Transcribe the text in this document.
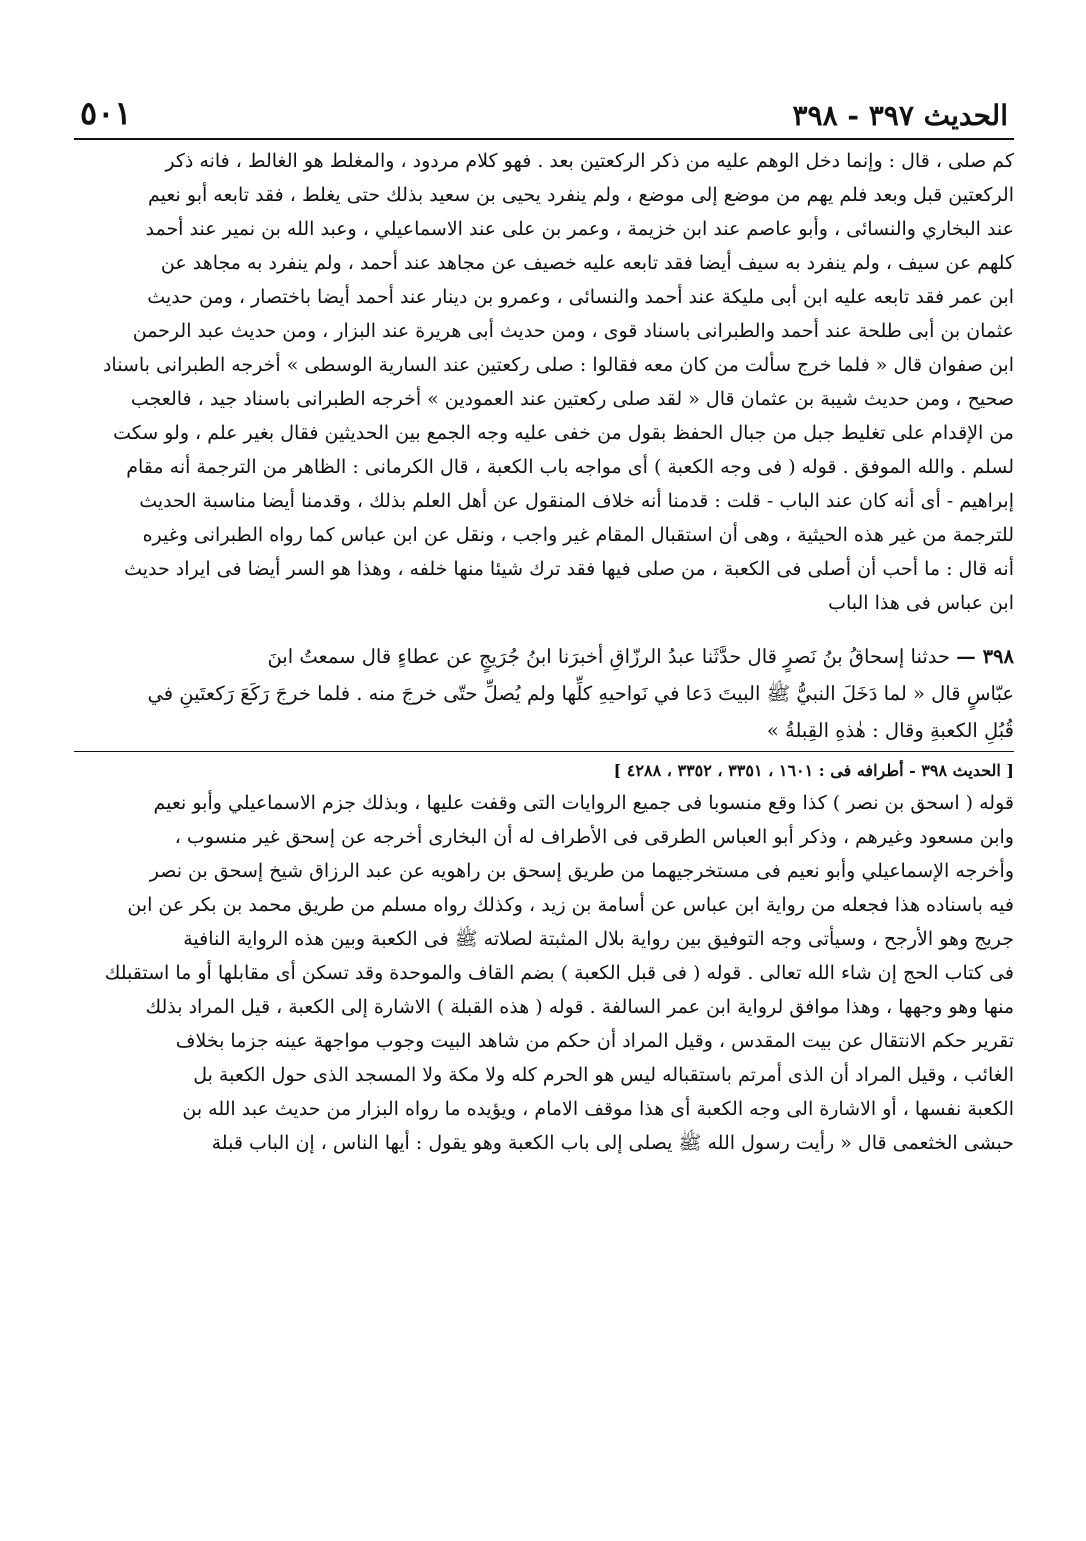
الحديث ٣٩٧ - ٣٩٨
٥٠١

كم صلى ، قال : وإنما دخل الوهم عليه من ذكر الركعتين بعد . فهو كلام مردود ، والمغلط هو الغالط ، فانه ذكر

الركعتين قبل وبعد فلم يهم من موضع إلى موضع ، ولم ينفرد يحيى بن سعيد بذلك حتى يغلط ، فقد تابعه أبو نعيم

عند البخاري والنسائى ، وأبو عاصم عند ابن خزيمة ، وعمر بن على عند الاسماعيلي ، وعبد الله بن نمير عند أحمد

كلهم عن سيف ، ولم ينفرد به سيف أيضا فقد تابعه عليه خصيف عن مجاهد عند أحمد ، ولم ينفرد به مجاهد عن

ابن عمر فقد تابعه عليه ابن أبى مليكة عند أحمد والنسائى ، وعمرو بن دينار عند أحمد أيضا باختصار ، ومن حديث

عثمان بن أبى طلحة عند أحمد والطبرانى باسناد قوى ، ومن حديث أبى هريرة عند البزار ، ومن حديث عبد الرحمن

ابن صفوان قال « فلما خرج سألت من كان معه فقالوا : صلى ركعتين عند السارية الوسطى » أخرجه الطبرانى باسناد

صحيح ، ومن حديث شيبة بن عثمان قال « لقد صلى ركعتين عند العمودين » أخرجه الطبرانى باسناد جيد ، فالعجب

من الإقدام على تغليط جبل من جبال الحفظ بقول من خفى عليه وجه الجمع بين الحديثين فقال بغير علم ، ولو سكت

لسلم . والله الموفق . قوله ( فى وجه الكعبة ) أى مواجه باب الكعبة ، قال الكرمانى : الظاهر من الترجمة أنه مقام

إبراهيم - أى أنه كان عند الباب - قلت : قدمنا أنه خلاف المنقول عن أهل العلم بذلك ، وقدمنا أيضا مناسبة الحديث

للترجمة من غير هذه الحيثية ، وهى أن استقبال المقام غير واجب ، ونقل عن ابن عباس كما رواه الطبرانى وغيره

أنه قال : ما أحب أن أصلى فى الكعبة ، من صلى فيها فقد ترك شيئا منها خلفه ، وهذا هو السر أيضا فى ايراد حديث

ابن عباس فى هذا الباب

٣٩٨ — حدثنا إسحاقُ بنُ نَصرٍ قال حدَّثَنا عبدُ الرزّاقِ أخبرَنا ابنُ جُرَيجٍ عن عطاءٍ قال سمعتُ ابنَ

عبّاسٍ قال « لما دَخَلَ النبيُّ ﷺ البيتَ دَعا في نَواحيهِ كلِّها ولم يُصلِّ حتّى خرجَ منه . فلما خرجَ رَكَعَ رَكعتَينِ في

قُبُلِ الكعبةِ وقال : هٰذهِ القِبلةُ »

[ الحديث ٣٩٨ - أطرافه فى : ١٦٠١ ، ٣٣٥١ ، ٣٣٥٢ ، ٤٢٨٨ ]

قوله ( اسحق بن نصر ) كذا وقع منسوبا فى جميع الروايات التى وقفت عليها ، وبذلك جزم الاسماعيلي وأبو نعيم

وابن مسعود وغيرهم ، وذكر أبو العباس الطرقى فى الأطراف له أن البخارى أخرجه عن إسحق غير منسوب ،

وأخرجه الإسماعيلي وأبو نعيم فى مستخرجيهما من طريق إسحق بن راهويه عن عبد الرزاق شيخ إسحق بن نصر

فيه باسناده هذا فجعله من رواية ابن عباس عن أسامة بن زيد ، وكذلك رواه مسلم من طريق محمد بن بكر عن ابن

جريج وهو الأرجح ، وسيأتى وجه التوفيق بين رواية بلال المثبتة لصلاته ﷺ فى الكعبة وبين هذه الرواية النافية

فى كتاب الحج إن شاء الله تعالى . قوله ( فى قبل الكعبة ) بضم القاف والموحدة وقد تسكن أى مقابلها أو ما استقبلك

منها وهو وجهها ، وهذا موافق لرواية ابن عمر السالفة . قوله ( هذه القبلة ) الاشارة إلى الكعبة ، قيل المراد بذلك

تقرير حكم الانتقال عن بيت المقدس ، وقيل المراد أن حكم من شاهد البيت وجوب مواجهة عينه جزما بخلاف

الغائب ، وقيل المراد أن الذى أمرتم باستقباله ليس هو الحرم كله ولا مكة ولا المسجد الذى حول الكعبة بل

الكعبة نفسها ، أو الاشارة الى وجه الكعبة أى هذا موقف الامام ، ويؤيده ما رواه البزار من حديث عبد الله بن

حبشى الخثعمى قال « رأيت رسول الله ﷺ يصلى إلى باب الكعبة وهو يقول : أيها الناس ، إن الباب قبلة
